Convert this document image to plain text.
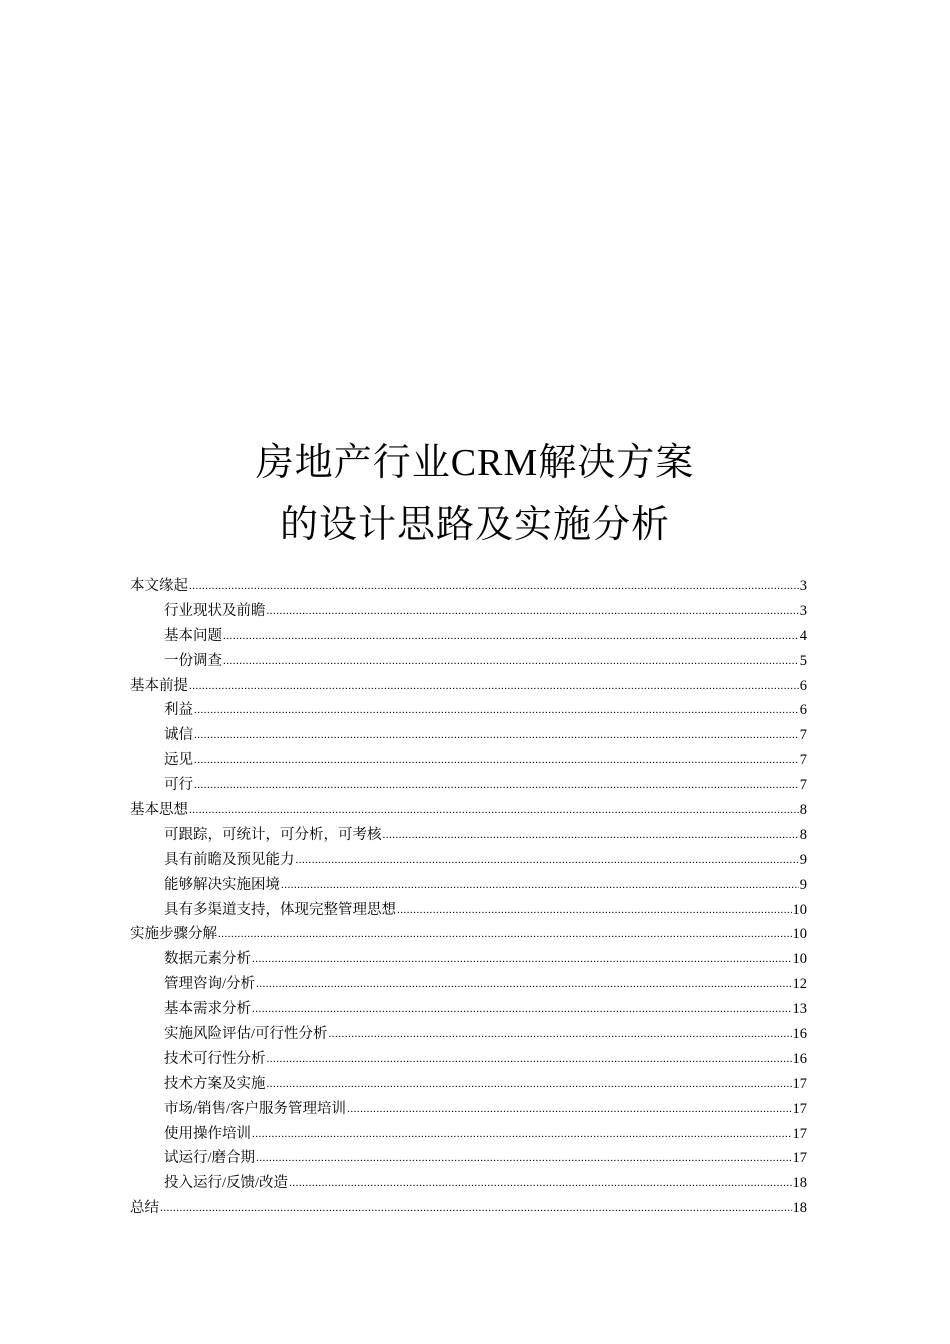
房地产行业CRM解决方案
的设计思路及实施分析
本文缘起 .....	3
行业现状及前瞻 .....	3
基本问题 .....	4
一份调查 .....	5
基本前提 .....	6
利益 .....	6
诚信 .....	7
远见 .....	7
可行 .....	7
基本思想 .....	8
可跟踪，可统计，可分析，可考核 .....	8
具有前瞻及预见能力 .....	9
能够解决实施困境 .....	9
具有多渠道支持，体现完整管理思想 .....	10
实施步骤分解 .....	10
数据元素分析 .....	10
管理咨询/分析 .....	12
基本需求分析 .....	13
实施风险评估/可行性分析 .....	16
技术可行性分析 .....	16
技术方案及实施 .....	17
市场/销售/客户服务管理培训 .....	17
使用操作培训 .....	17
试运行/磨合期 .....	17
投入运行/反馈/改造 .....	18
总结 .....	18
